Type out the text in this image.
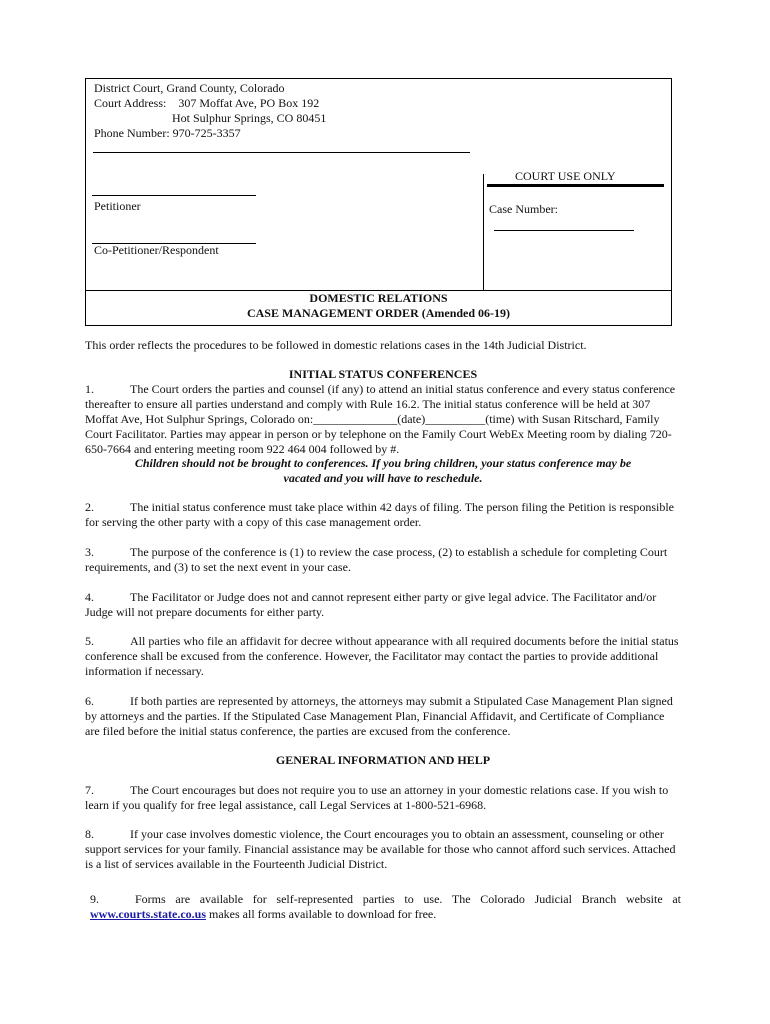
District Court, Grand County, Colorado
Court Address:    307 Moffat Ave, PO Box 192
Hot Sulphur Springs, CO 80451
Phone Number: 970-725-3357
COURT USE ONLY
Case Number:
Petitioner
Co-Petitioner/Respondent
DOMESTIC RELATIONS
CASE MANAGEMENT ORDER (Amended 06-19)
This order reflects the procedures to be followed in domestic relations cases in the 14th Judicial District.
INITIAL STATUS CONFERENCES
1.	The Court orders the parties and counsel (if any) to attend an initial status conference and every status conference thereafter to ensure all parties understand and comply with Rule 16.2. The initial status conference will be held at 307 Moffat Ave, Hot Sulphur Springs, Colorado on:______________(date)__________(time) with Susan Ritschard, Family Court Facilitator. Parties may appear in person or by telephone on the Family Court WebEx Meeting room by dialing 720-650-7664 and entering meeting room 922 464 004 followed by #.
Children should not be brought to conferences. If you bring children, your status conference may be vacated and you will have to reschedule.
2.	The initial status conference must take place within 42 days of filing. The person filing the Petition is responsible for serving the other party with a copy of this case management order.
3.	The purpose of the conference is (1) to review the case process, (2) to establish a schedule for completing Court requirements, and (3) to set the next event in your case.
4.	The Facilitator or Judge does not and cannot represent either party or give legal advice. The Facilitator and/or Judge will not prepare documents for either party.
5.	All parties who file an affidavit for decree without appearance with all required documents before the initial status conference shall be excused from the conference. However, the Facilitator may contact the parties to provide additional information if necessary.
6.	If both parties are represented by attorneys, the attorneys may submit a Stipulated Case Management Plan signed by attorneys and the parties. If the Stipulated Case Management Plan, Financial Affidavit, and Certificate of Compliance are filed before the initial status conference, the parties are excused from the conference.
GENERAL INFORMATION AND HELP
7.	The Court encourages but does not require you to use an attorney in your domestic relations case. If you wish to learn if you qualify for free legal assistance, call Legal Services at 1-800-521-6968.
8.	If your case involves domestic violence, the Court encourages you to obtain an assessment, counseling or other support services for your family. Financial assistance may be available for those who cannot afford such services. Attached is a list of services available in the Fourteenth Judicial District.
9.	Forms are available for self-represented parties to use. The Colorado Judicial Branch website at www.courts.state.co.us makes all forms available to download for free.
